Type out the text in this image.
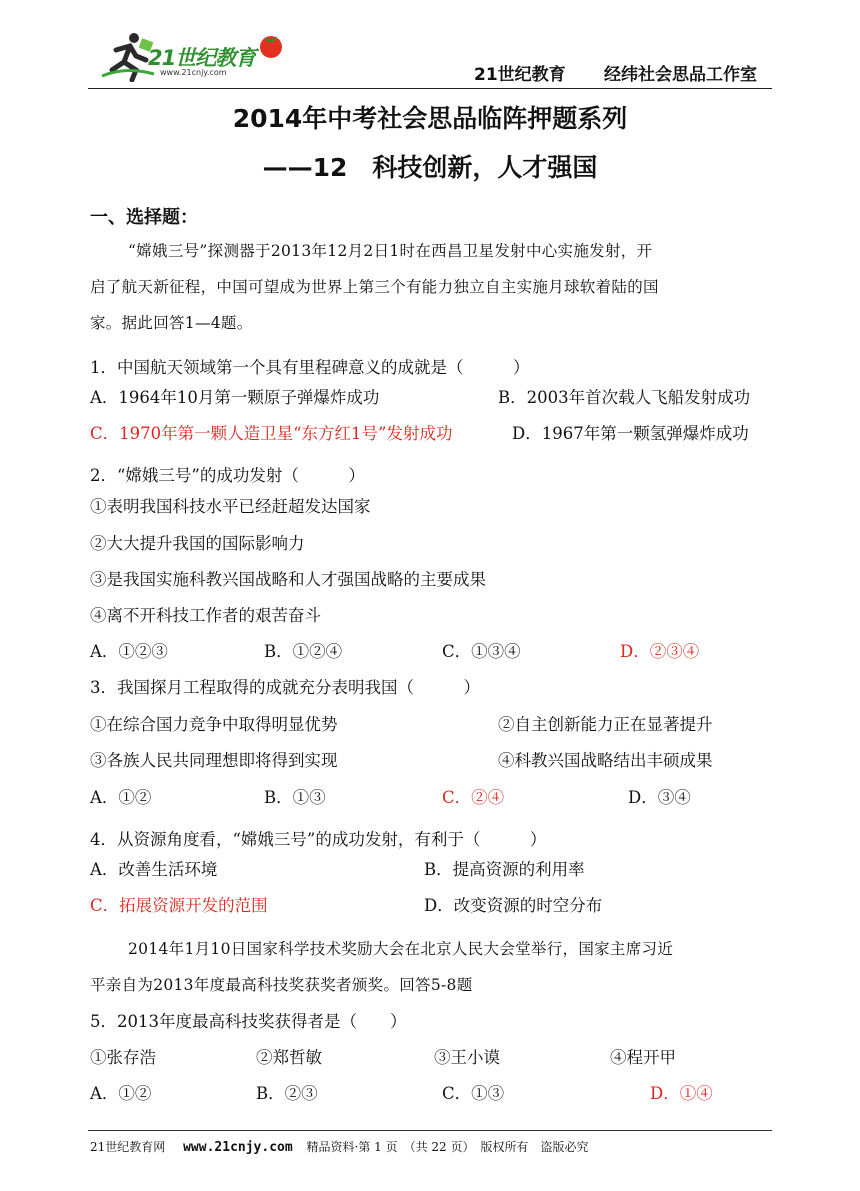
21世纪教育
www.21cnjy.com	21世纪教育 经纬社会思品工作室
2014年中考社会思品临阵押题系列
——12　科技创新，人才强国
一、选择题：
“嫦娥三号”探测器于2013年12月2日1时在西昌卫星发射中心实施发射，开
启了航天新征程，中国可望成为世界上第三个有能力独立自主实施月球软着陆的国
家。据此回答1—4题。
1．中国航天领域第一个具有里程碑意义的成就是（　　　）
A．1964年10月第一颗原子弹爆炸成功	B．2003年首次载人飞船发射成功
C．1970年第一颗人造卫星“东方红1号”发射成功	D．1967年第一颗氢弹爆炸成功
2．“嫦娥三号”的成功发射（　　　）
①表明我国科技水平已经赶超发达国家
②大大提升我国的国际影响力
③是我国实施科教兴国战略和人才强国战略的主要成果
④离不开科技工作者的艰苦奋斗
A．①②③	B．①②④	C．①③④	D．②③④
3．我国探月工程取得的成就充分表明我国（　　　）
①在综合国力竞争中取得明显优势	②自主创新能力正在显著提升
③各族人民共同理想即将得到实现	④科教兴国战略结出丰硕成果
A．①②	B．①③	C．②④	D．③④
4．从资源角度看，“嫦娥三号”的成功发射，有利于（　　　）
A．改善生活环境	B．提高资源的利用率
C．拓展资源开发的范围	D．改变资源的时空分布
2014年1月10日国家科学技术奖励大会在北京人民大会堂举行，国家主席习近
平亲自为2013年度最高科技奖获奖者颁奖。回答5-8题
5．2013年度最高科技奖获得者是（　　）
①张存浩	②郑哲敏	③王小谟	④程开甲
A．①②	B．②③	C．①③	D．①④
21世纪教育网 www.21cnjy.com 精品资料·第 1 页　（共 22 页）　版权所有　盗版必究
